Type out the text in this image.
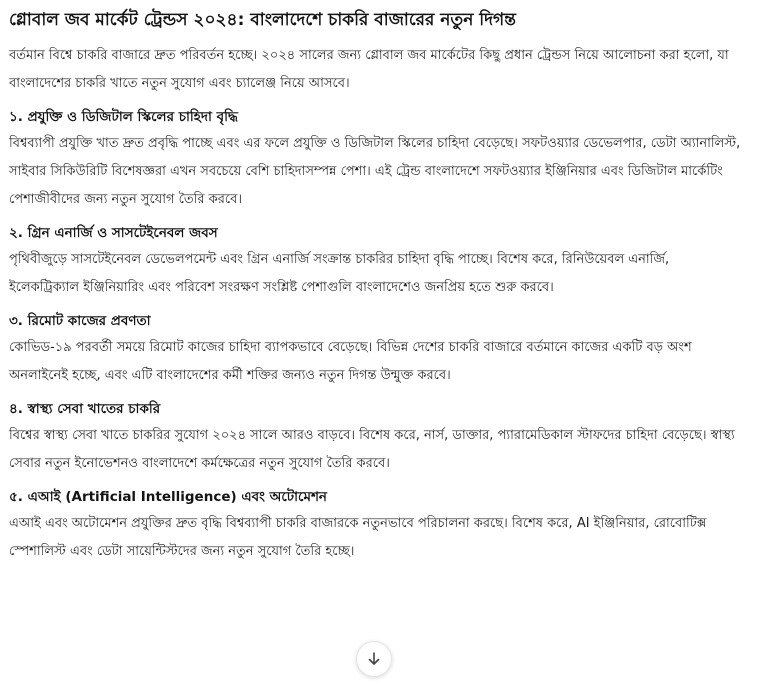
গ্লোবাল জব মার্কেট ট্রেন্ডস ২০২৪: বাংলাদেশে চাকরি বাজারের নতুন দিগন্ত

বর্তমান বিশ্বে চাকরি বাজারে দ্রুত পরিবর্তন হচ্ছে। ২০২৪ সালের জন্য গ্লোবাল জব মার্কেটের কিছু প্রধান ট্রেন্ডস নিয়ে আলোচনা করা হলো, যা বাংলাদেশের চাকরি খাতে নতুন সুযোগ এবং চ্যালেঞ্জ নিয়ে আসবে।

১. প্রযুক্তি ও ডিজিটাল স্কিলের চাহিদা বৃদ্ধি

বিশ্বব্যাপী প্রযুক্তি খাত দ্রুত প্রবৃদ্ধি পাচ্ছে এবং এর ফলে প্রযুক্তি ও ডিজিটাল স্কিলের চাহিদা বেড়েছে। সফটওয়্যার ডেভেলপার, ডেটা অ্যানালিস্ট, সাইবার সিকিউরিটি বিশেষজ্ঞরা এখন সবচেয়ে বেশি চাহিদাসম্পন্ন পেশা। এই ট্রেন্ড বাংলাদেশে সফটওয়্যার ইঞ্জিনিয়ার এবং ডিজিটাল মার্কেটিং পেশাজীবীদের জন্য নতুন সুযোগ তৈরি করবে।

২. গ্রিন এনার্জি ও সাসটেইনেবল জবস

পৃথিবীজুড়ে সাসটেইনেবল ডেভেলপমেন্ট এবং গ্রিন এনার্জি সংক্রান্ত চাকরির চাহিদা বৃদ্ধি পাচ্ছে। বিশেষ করে, রিনিউয়েবল এনার্জি, ইলেকট্রিক্যাল ইঞ্জিনিয়ারিং এবং পরিবেশ সংরক্ষণ সংশ্লিষ্ট পেশাগুলি বাংলাদেশেও জনপ্রিয় হতে শুরু করবে।

৩. রিমোট কাজের প্রবণতা

কোভিড-১৯ পরবর্তী সময়ে রিমোট কাজের চাহিদা ব্যাপকভাবে বেড়েছে। বিভিন্ন দেশের চাকরি বাজারে বর্তমানে কাজের একটি বড় অংশ অনলাইনেই হচ্ছে, এবং এটি বাংলাদেশের কর্মী শক্তির জন্যও নতুন দিগন্ত উন্মুক্ত করবে।

৪. স্বাস্থ্য সেবা খাতের চাকরি

বিশ্বের স্বাস্থ্য সেবা খাতে চাকরির সুযোগ ২০২৪ সালে আরও বাড়বে। বিশেষ করে, নার্স, ডাক্তার, প্যারামেডিকাল স্টাফদের চাহিদা বেড়েছে। স্বাস্থ্য সেবার নতুন ইনোভেশনও বাংলাদেশে কর্মক্ষেত্রের নতুন সুযোগ তৈরি করবে।

৫. এআই (Artificial Intelligence) এবং অটোমেশন

এআই এবং অটোমেশন প্রযুক্তির দ্রুত বৃদ্ধি বিশ্বব্যাপী চাকরি বাজারকে নতুনভাবে পরিচালনা করছে। বিশেষ করে, AI ইঞ্জিনিয়ার, রোবোটিক্স স্পেশালিস্ট এবং ডেটা সায়েন্টিস্টদের জন্য নতুন সুযোগ তৈরি হচ্ছে।
